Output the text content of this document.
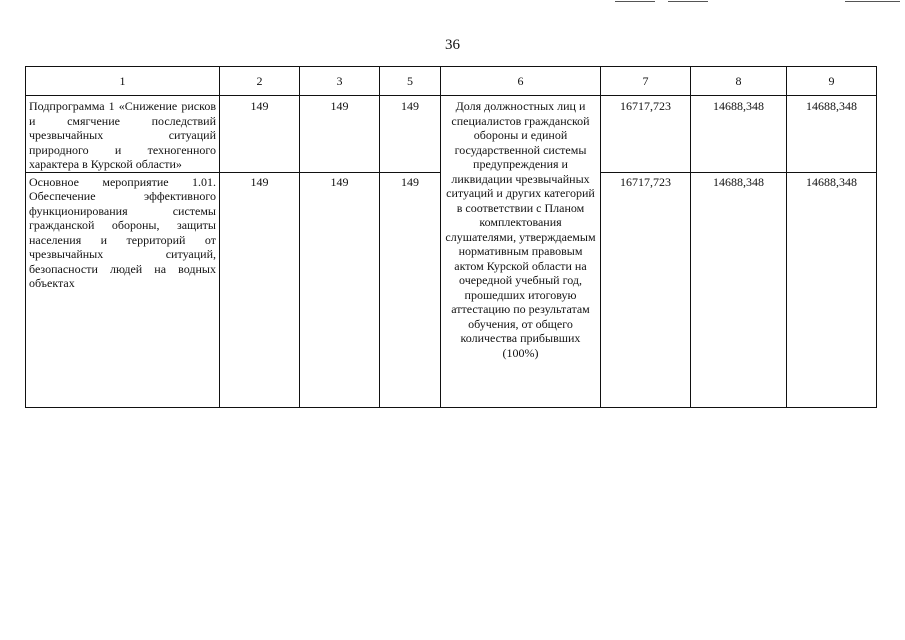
36
1	2	3	5	6	7	8	9
Подпрограмма 1 «Снижение рисков и смягчение последствий чрезвычайных ситуаций природного и техногенного характера в Курской области»	149	149	149	Доля должностных лиц и специалистов гражданской обороны и единой государственной системы предупреждения и ликвидации чрезвычайных ситуаций и других категорий в соответствии с Планом комплектования слушателями, утверждаемым нормативным правовым актом Курской области на очередной учебный год, прошедших итоговую аттестацию по результатам обучения, от общего количества прибывших (100%)	16717,723	14688,348	14688,348
Основное мероприятие 1.01. Обеспечение эффективного функционирования системы гражданской обороны, защиты населения и территорий от чрезвычайных ситуаций, безопасности людей на водных объектах	149	149	149		16717,723	14688,348	14688,348
